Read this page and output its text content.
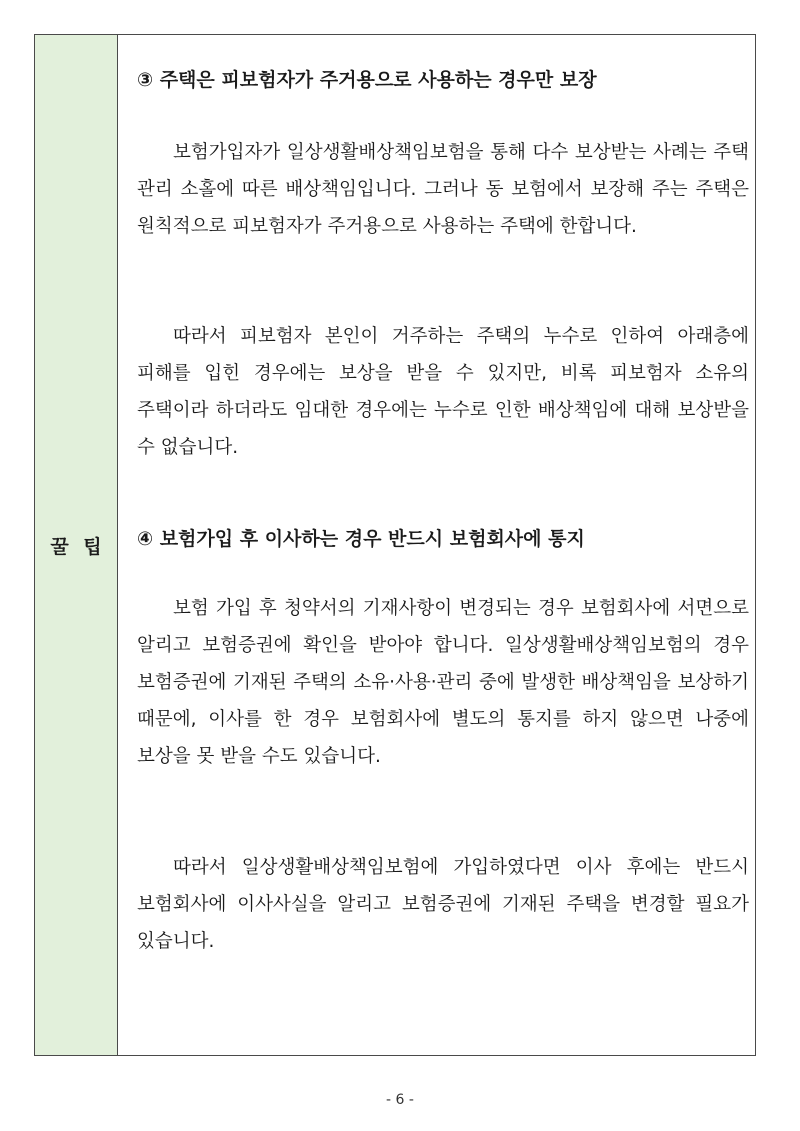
꿀 팁
③ 주택은 피보험자가 주거용으로 사용하는 경우만 보장

보험가입자가 일상생활배상책임보험을 통해 다수 보상받는 사례는 주택 관리 소홀에 따른 배상책임입니다. 그러나 동 보험에서 보장해 주는 주택은 원칙적으로 피보험자가 주거용으로 사용하는 주택에 한합니다.

따라서 피보험자 본인이 거주하는 주택의 누수로 인하여 아래층에 피해를 입힌 경우에는 보상을 받을 수 있지만, 비록 피보험자 소유의 주택이라 하더라도 임대한 경우에는 누수로 인한 배상책임에 대해 보상받을 수 없습니다.

④ 보험가입 후 이사하는 경우 반드시 보험회사에 통지

보험 가입 후 청약서의 기재사항이 변경되는 경우 보험회사에 서면으로 알리고 보험증권에 확인을 받아야 합니다. 일상생활배상책임보험의 경우 보험증권에 기재된 주택의 소유·사용·관리 중에 발생한 배상책임을 보상하기 때문에, 이사를 한 경우 보험회사에 별도의 통지를 하지 않으면 나중에 보상을 못 받을 수도 있습니다.

따라서 일상생활배상책임보험에 가입하였다면 이사 후에는 반드시 보험회사에 이사사실을 알리고 보험증권에 기재된 주택을 변경할 필요가 있습니다.

- 6 -
